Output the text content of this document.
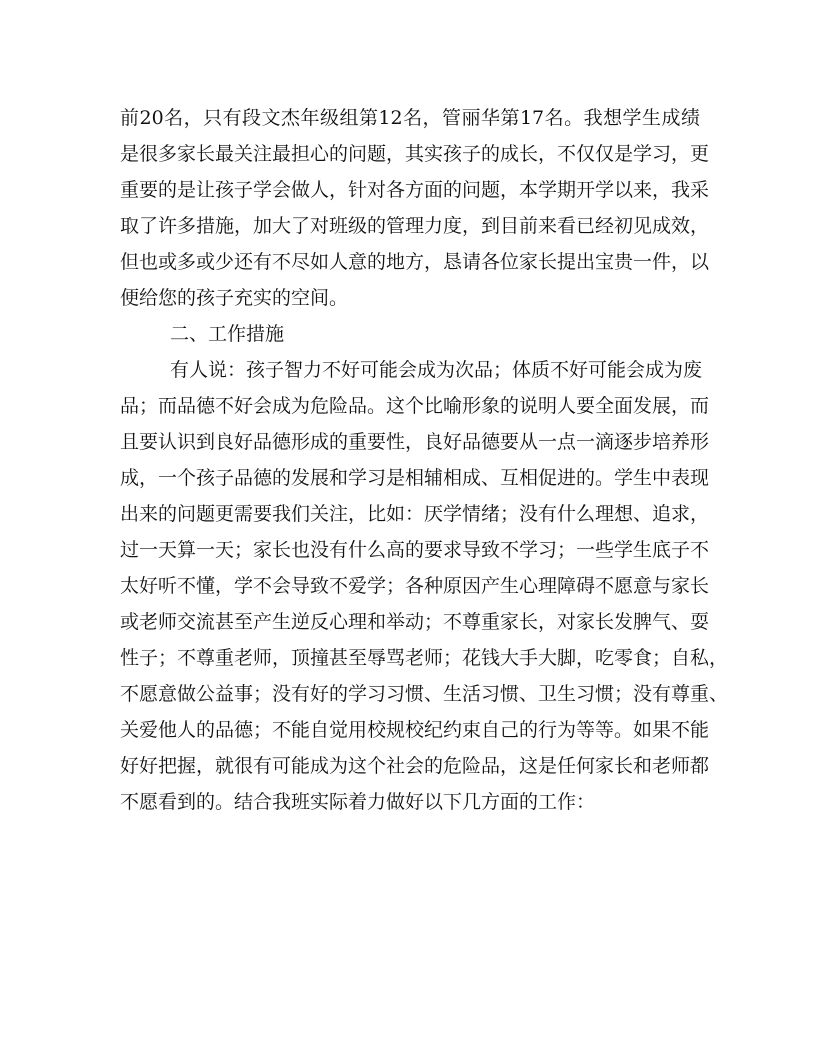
前20名，只有段文杰年级组第12名，管丽华第17名。我想学生成绩
是很多家长最关注最担心的问题，其实孩子的成长，不仅仅是学习，更
重要的是让孩子学会做人，针对各方面的问题，本学期开学以来，我采
取了许多措施，加大了对班级的管理力度，到目前来看已经初见成效，
但也或多或少还有不尽如人意的地方，恳请各位家长提出宝贵一件，以
便给您的孩子充实的空间。
二、工作措施
有人说：孩子智力不好可能会成为次品；体质不好可能会成为废
品；而品德不好会成为危险品。这个比喻形象的说明人要全面发展，而
且要认识到良好品德形成的重要性，良好品德要从一点一滴逐步培养形
成，一个孩子品德的发展和学习是相辅相成、互相促进的。学生中表现
出来的问题更需要我们关注，比如：厌学情绪；没有什么理想、追求，
过一天算一天；家长也没有什么高的要求导致不学习；一些学生底子不
太好听不懂，学不会导致不爱学；各种原因产生心理障碍不愿意与家长
或老师交流甚至产生逆反心理和举动；不尊重家长，对家长发脾气、耍
性子；不尊重老师，顶撞甚至辱骂老师；花钱大手大脚，吃零食；自私，
不愿意做公益事；没有好的学习习惯、生活习惯、卫生习惯；没有尊重、
关爱他人的品德；不能自觉用校规校纪约束自己的行为等等。如果不能
好好把握，就很有可能成为这个社会的危险品，这是任何家长和老师都
不愿看到的。结合我班实际着力做好以下几方面的工作：
